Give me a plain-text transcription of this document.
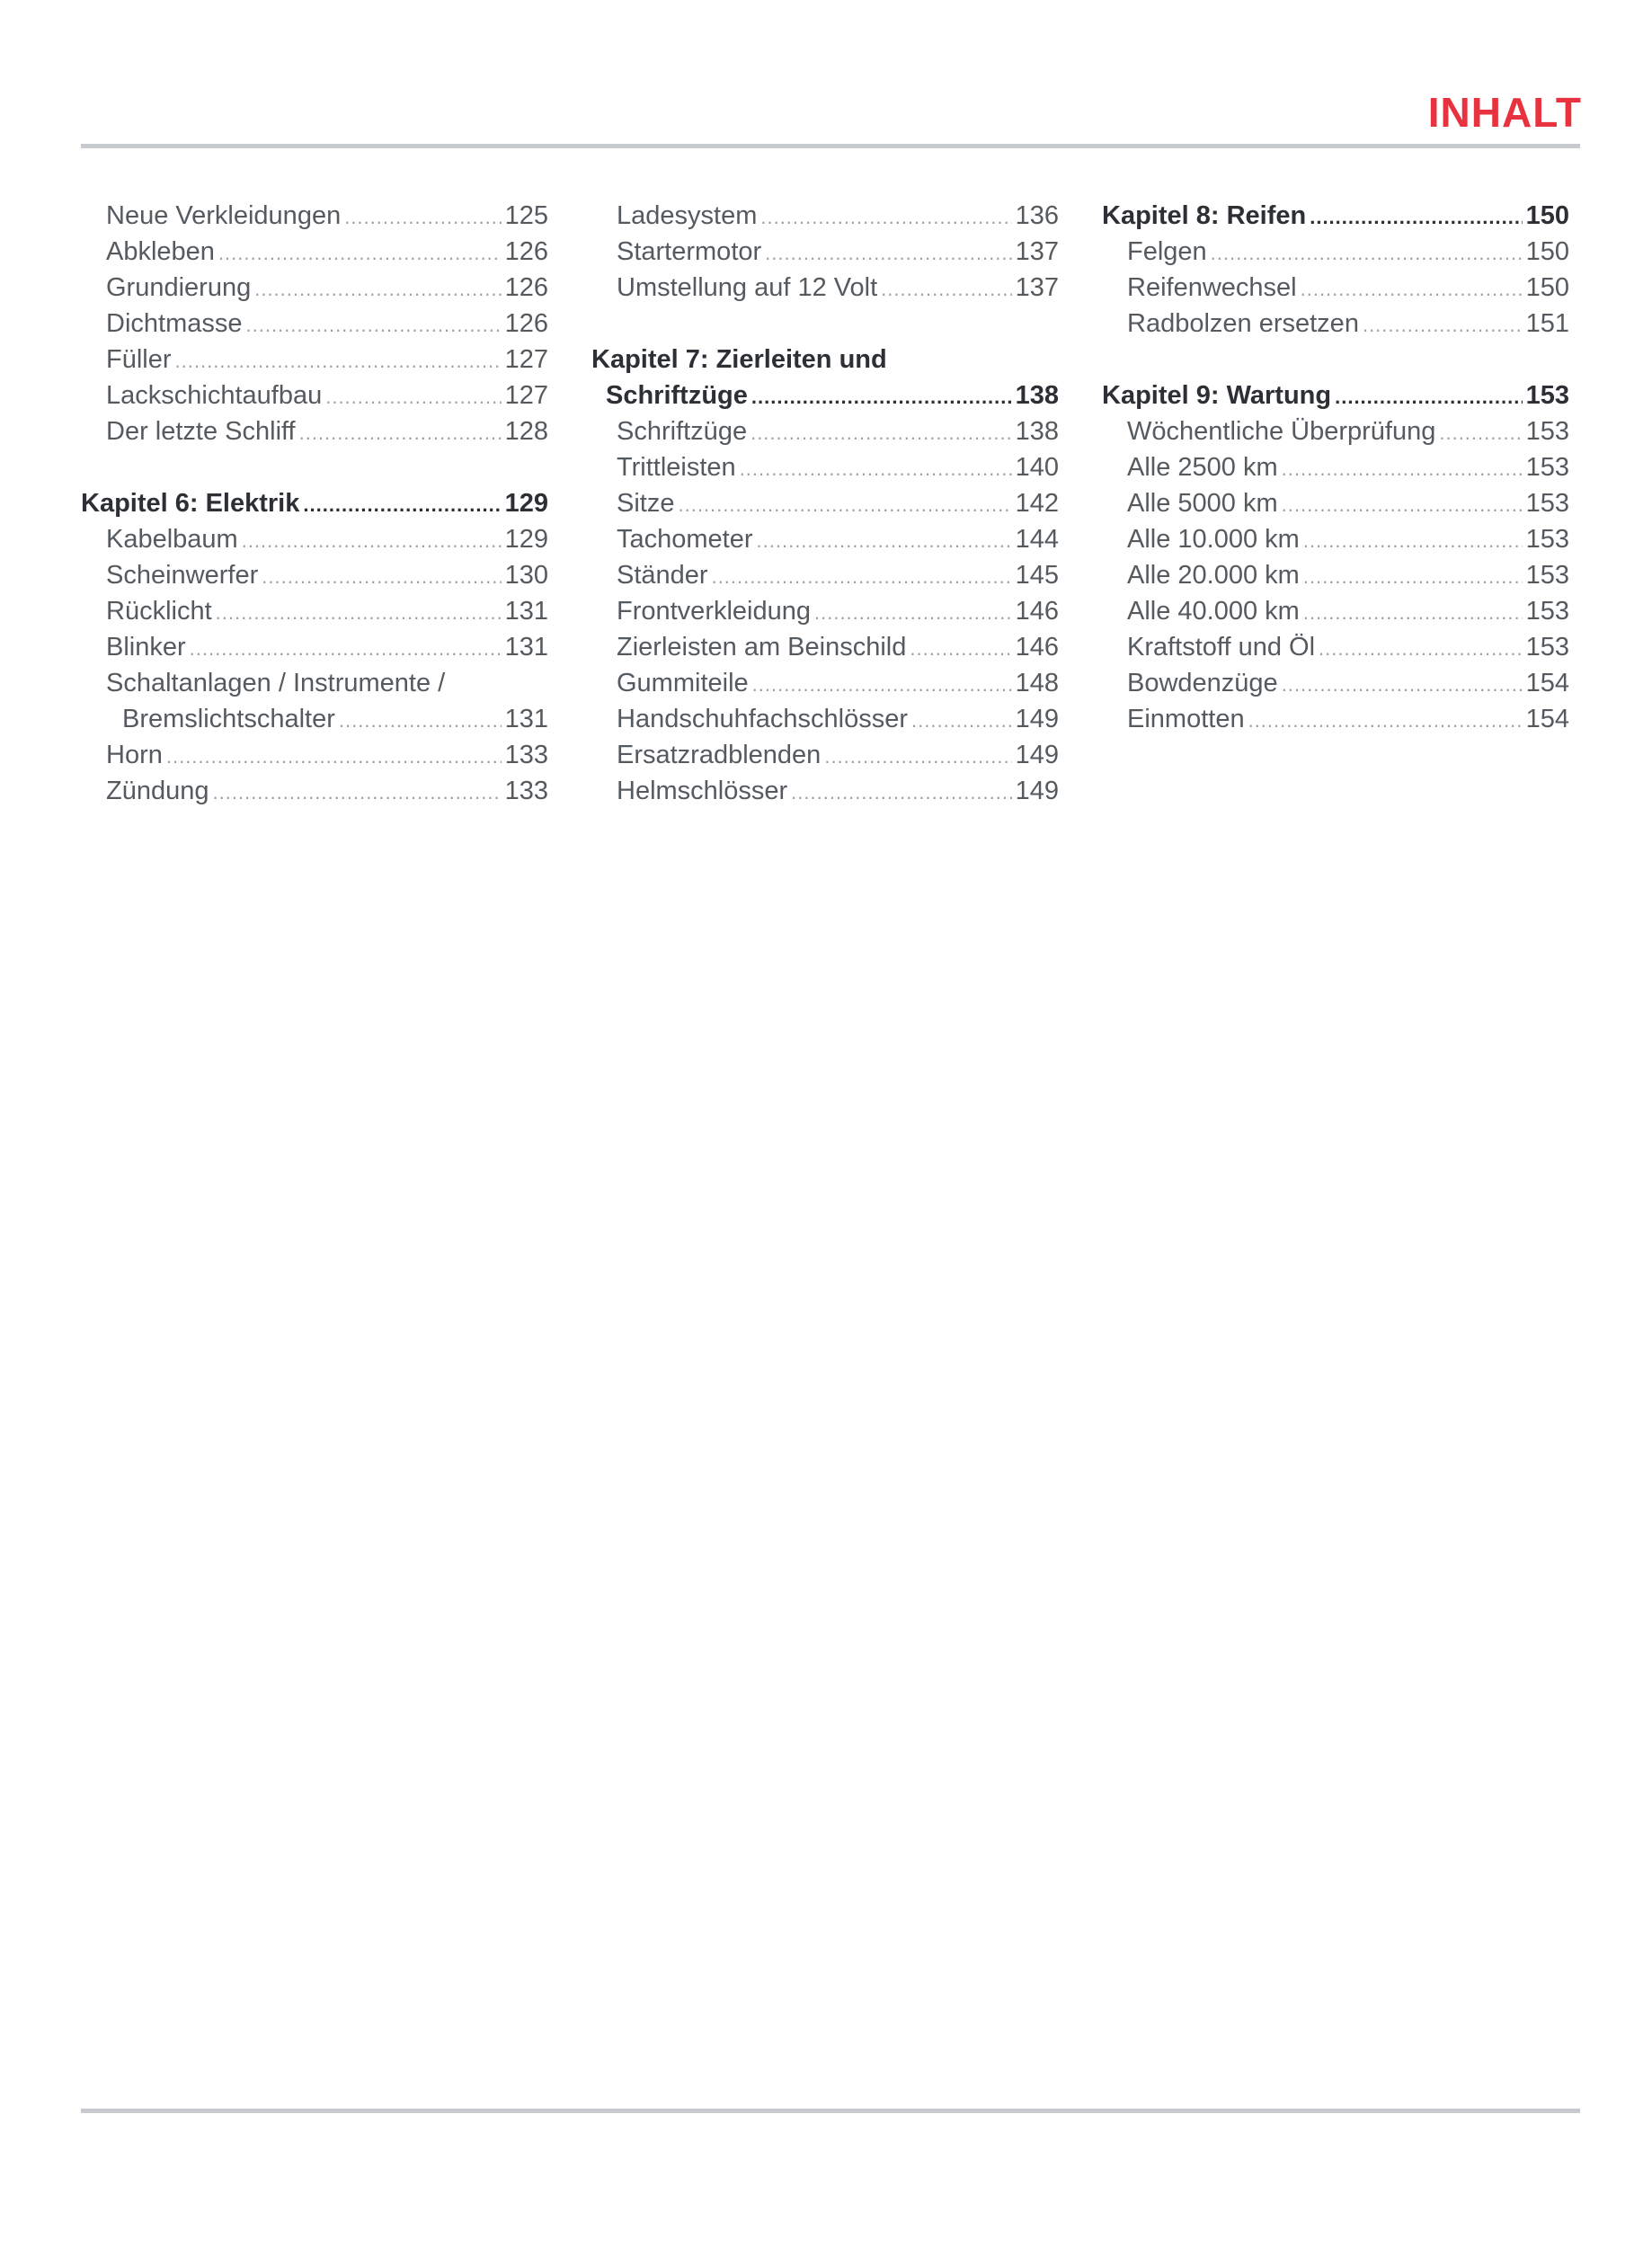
INHALT
Neue Verkleidungen .....	125
Abkleben .....	126
Grundierung .....	126
Dichtmasse .....	126
Füller .....	127
Lackschichtaufbau .....	127
Der letzte Schliff .....	128
Kapitel 6: Elektrik .....	129
Kabelbaum .....	129
Scheinwerfer .....	130
Rücklicht .....	131
Blinker .....	131
Schaltanlagen / Instrumente /
Bremslichtschalter .....	131
Horn .....	133
Zündung .....	133
Ladesystem .....	136
Startermotor .....	137
Umstellung auf 12 Volt .....	137
Kapitel 7: Zierleiten und
Schriftzüge .....	138
Schriftzüge .....	138
Trittleisten .....	140
Sitze .....	142
Tachometer .....	144
Ständer .....	145
Frontverkleidung .....	146
Zierleisten am Beinschild .....	146
Gummiteile .....	148
Handschuhfachschlösser .....	149
Ersatzradblenden .....	149
Helmschlösser .....	149
Kapitel 8: Reifen .....	150
Felgen .....	150
Reifenwechsel .....	150
Radbolzen ersetzen .....	151
Kapitel 9: Wartung .....	153
Wöchentliche Überprüfung .....	153
Alle 2500 km .....	153
Alle 5000 km .....	153
Alle 10.000 km .....	153
Alle 20.000 km .....	153
Alle 40.000 km .....	153
Kraftstoff und Öl .....	153
Bowdenzüge .....	154
Einmotten .....	154
